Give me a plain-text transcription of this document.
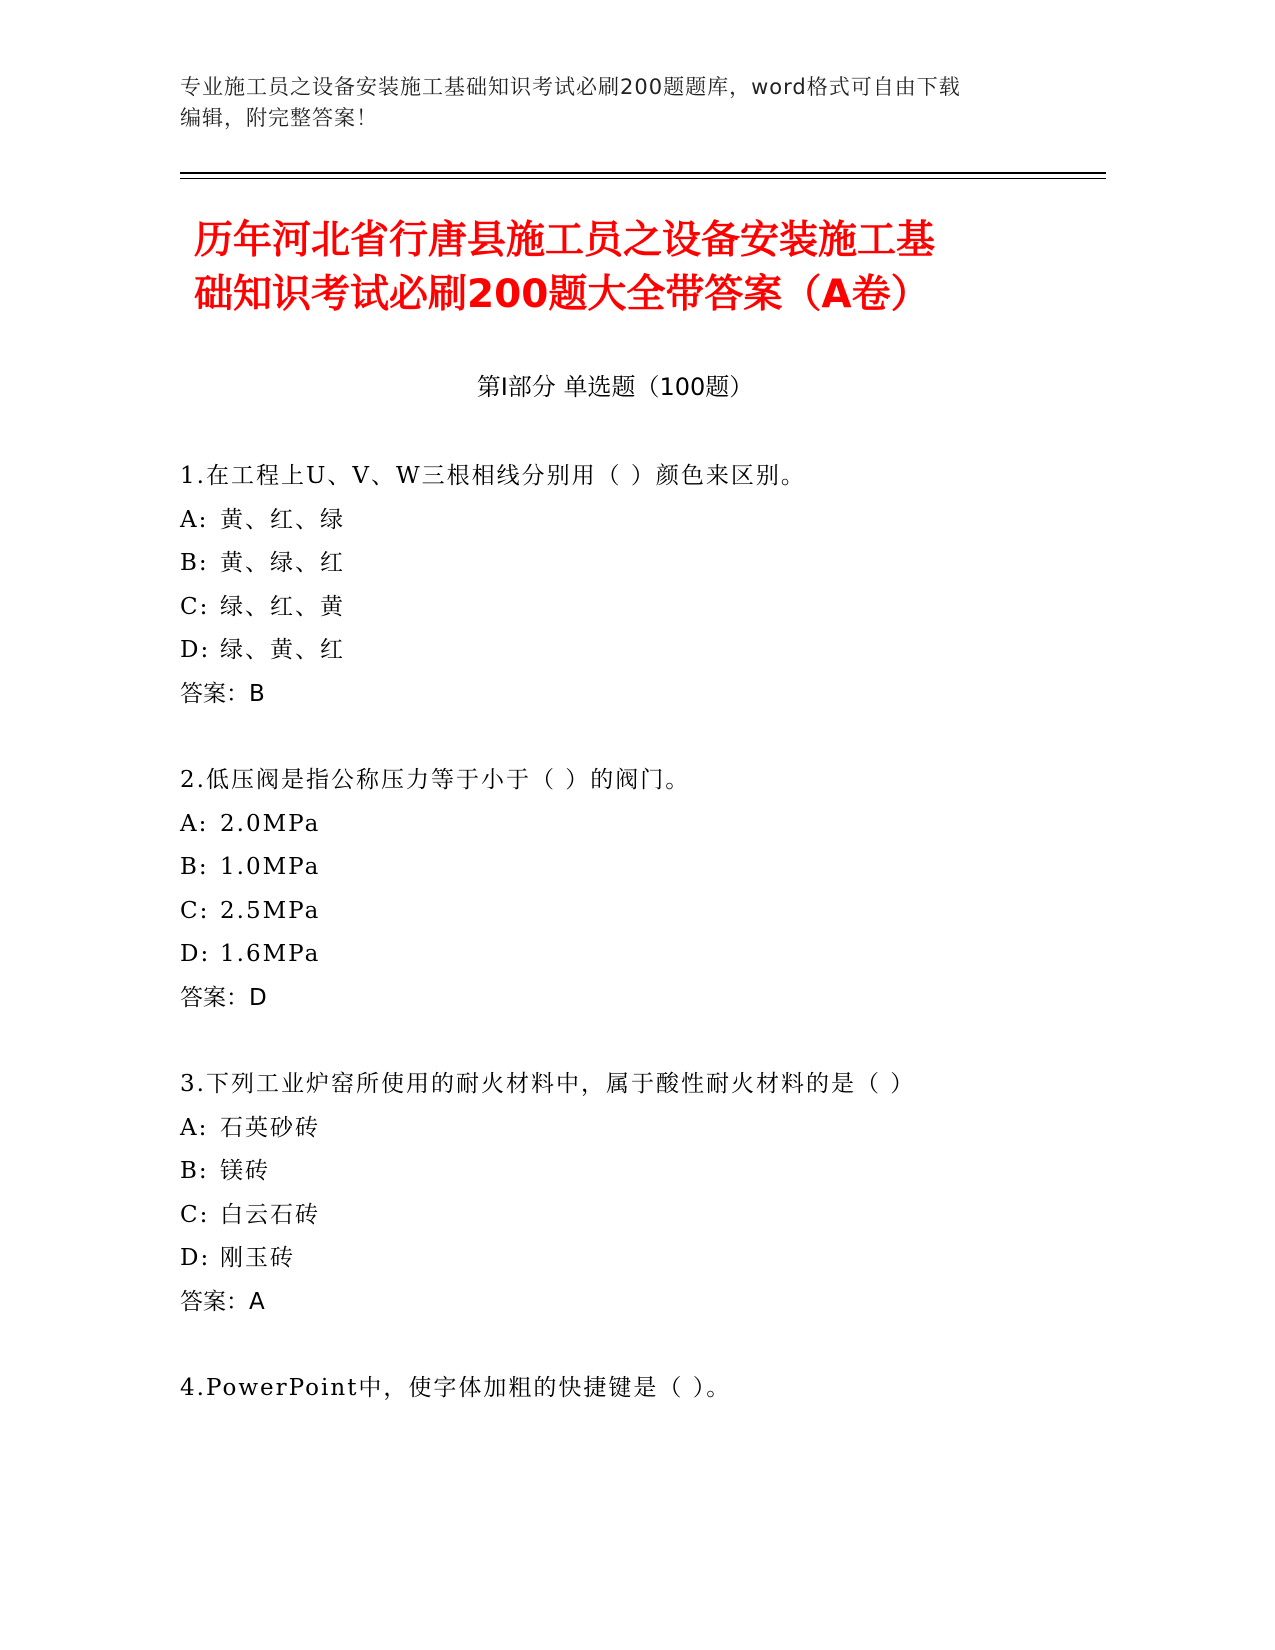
专业施工员之设备安装施工基础知识考试必刷200题题库，word格式可自由下载
编辑，附完整答案！
历年河北省行唐县施工员之设备安装施工基
础知识考试必刷200题大全带答案（A卷）
第Ⅰ部分 单选题（100题）
1.在工程上U、V、W三根相线分别用（ ）颜色来区别。
A: 黄、红、绿
B: 黄、绿、红
C: 绿、红、黄
D: 绿、黄、红
答案：B
2.低压阀是指公称压力等于小于（ ）的阀门。
A: 2.0MPa
B: 1.0MPa
C: 2.5MPa
D: 1.6MPa
答案：D
3.下列工业炉窑所使用的耐火材料中，属于酸性耐火材料的是（ ）
A: 石英砂砖
B: 镁砖
C: 白云石砖
D: 刚玉砖
答案：A
4.PowerPoint中，使字体加粗的快捷键是（ ）。
